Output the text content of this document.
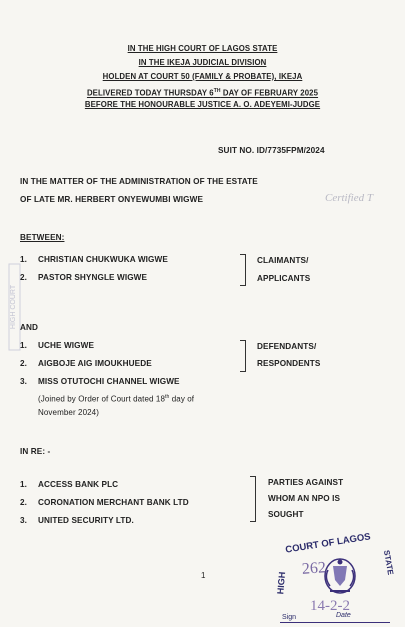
HIGH COURT
IN THE HIGH COURT OF LAGOS STATE
IN THE IKEJA JUDICIAL DIVISION
HOLDEN AT COURT 50 (FAMILY & PROBATE), IKEJA
DELIVERED TODAY THURSDAY 6TH DAY OF FEBRUARY 2025
BEFORE THE HONOURABLE JUSTICE A. O. ADEYEMI-JUDGE
SUIT NO. ID/7735FPM/2024
IN THE MATTER OF THE ADMINISTRATION OF THE ESTATE
OF LATE MR. HERBERT ONYEWUMBI WIGWE	Certified T
BETWEEN:
1. CHRISTIAN CHUKWUKA WIGWE
2. PASTOR SHYNGLE WIGWE
CLAIMANTS/
APPLICANTS
AND
1. UCHE WIGWE
2. AIGBOJE AIG IMOUKHUEDE
3. MISS OTUTOCHI CHANNEL WIGWE
(Joined by Order of Court dated 18th day of
November 2024)
DEFENDANTS/
RESPONDENTS
IN RE: -
1. ACCESS BANK PLC
2. CORONATION MERCHANT BANK LTD
3. UNITED SECURITY LTD.
PARTIES AGAINST
WHOM AN NPO IS
SOUGHT
1
COURT OF LAGOS
HIGH
STATE
262
14-2-2
Sign	Date
